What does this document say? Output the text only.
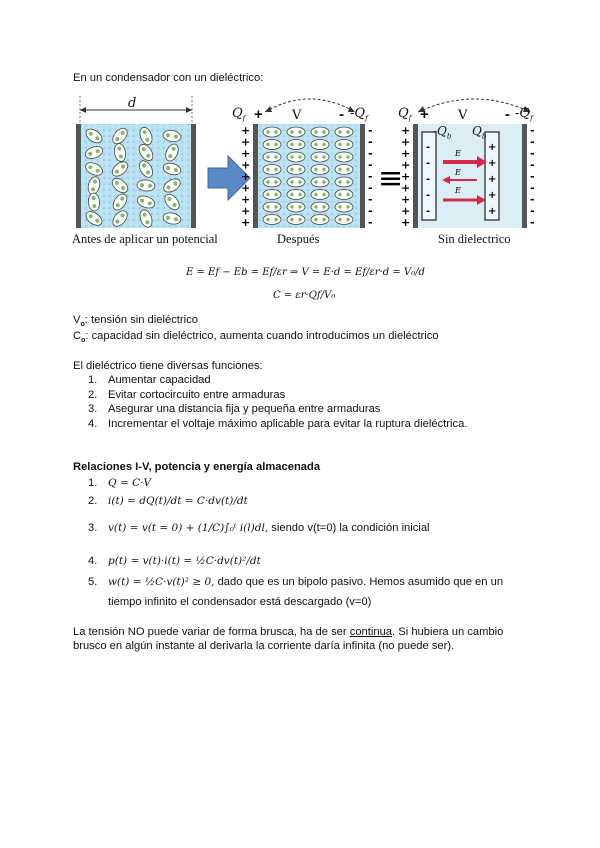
En un condensador con un dieléctrico:
+
+
+
+
+
+
+
+
+
-
-
-
-
-
-
-
-
-
+
+
+
+
+
+
+
+
+
-
-
-
-
-
-
-
-
-
-
-
-
-
-
+
+
+
+
+
E
E
E
≡
d
$Q_f + V$	- $-Q_f$ $Q_f + V$	- $-Q_f$
$-Q_b$ $Q_b$
Antes de aplicar un potencial	Después	Sin dielectrico
E = Ef − Eb = Ef/εr ⇒ V = E·d = Ef/εr·d = V₀/d
C = εr·Qf/V₀
$V_o$: tensión sin dieléctrico
$C_o$: capacidad sin dieléctrico, aumenta cuando introducimos un dieléctrico
El dieléctrico tiene diversas funciones:
1. Aumentar capacidad
2. Evitar cortocircuito entre armaduras
3. Asegurar una distancia fija y pequeña entre armaduras
4. Incrementar el voltaje máximo aplicable para evitar la ruptura dieléctrica.
Relaciones I-V, potencia y energía almacenada
1. Q = C·V
2. i(t) = dQ(t)/dt = C·dv(t)/dt
3. v(t) = v(t = 0) + (1/C)∫₀ᵗ i(l)dl, siendo v(t=0) la condición inicial
4. p(t) = v(t)·i(t) = ½C·dv(t)²/dt
5. w(t) = ½C·v(t)² ≥ 0, dado que es un bipolo pasivo. Hemos asumido que en un
tiempo infinito el condensador está descargado (v=0)
La tensión NO puede variar de forma brusca, ha de ser continua. Si hubiera un cambio
brusco en algún instante al derivarla la corriente daría infinita (no puede ser).
